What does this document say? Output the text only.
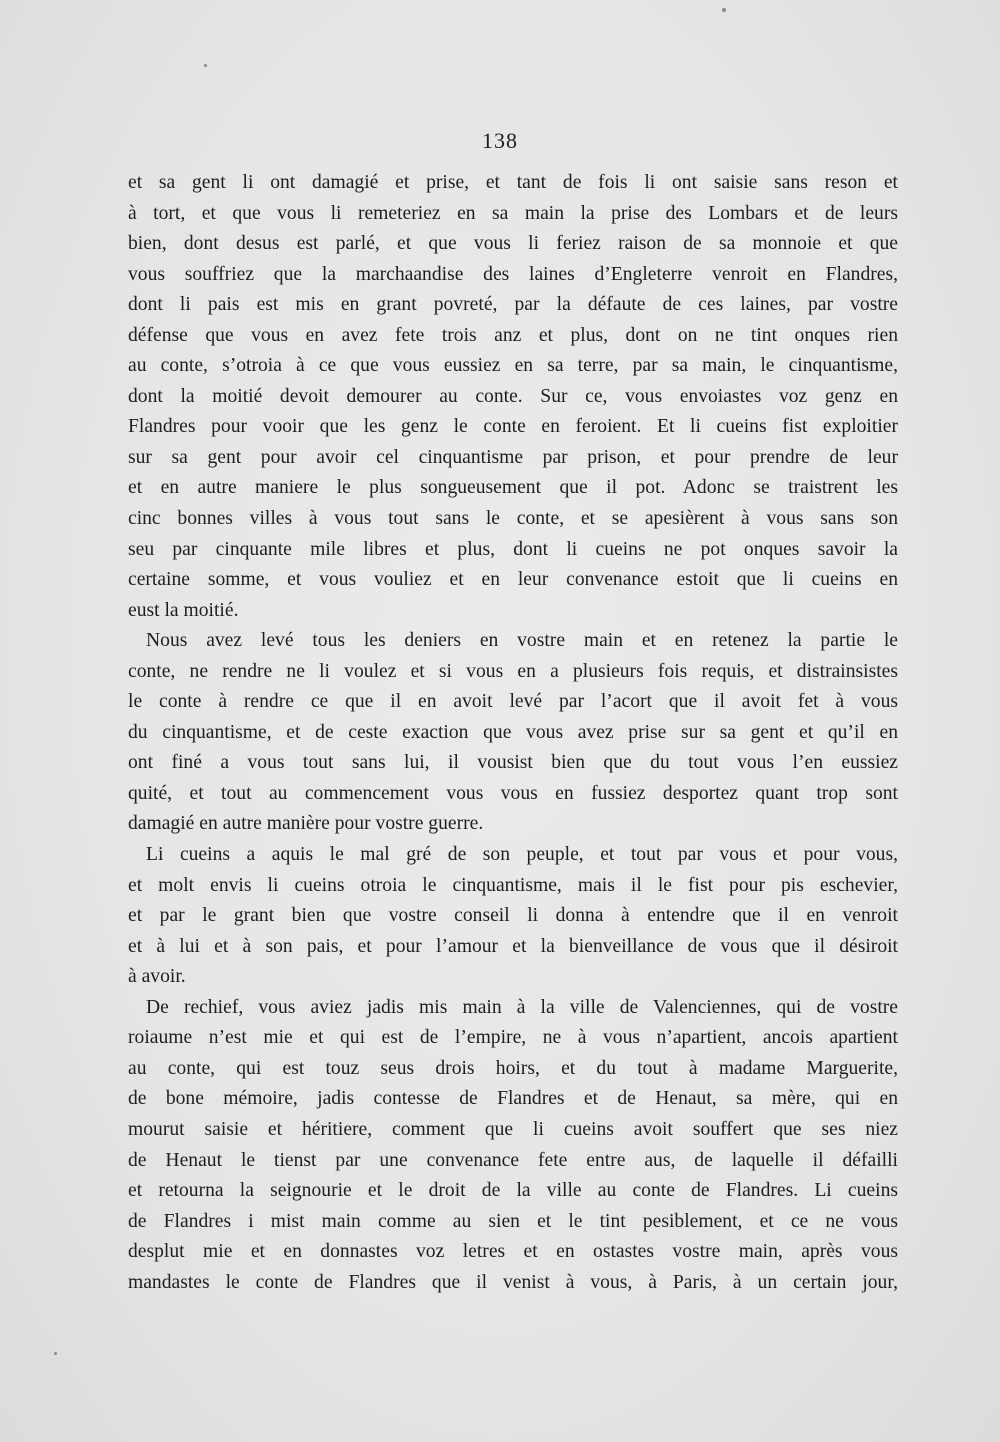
138

et sa gent li ont damagié et prise, et tant de fois li ont saisie sans reson et
à tort, et que vous li remeteriez en sa main la prise des Lombars et de leurs
bien, dont desus est parlé, et que vous li feriez raison de sa monnoie et que
vous souffriez que la marchaandise des laines d’Engleterre venroit en Flandres,
dont li pais est mis en grant povreté, par la défaute de ces laines, par vostre
défense que vous en avez fete trois anz et plus, dont on ne tint onques rien
au conte, s’otroia à ce que vous eussiez en sa terre, par sa main, le cinquantisme,
dont la moitié devoit demourer au conte. Sur ce, vous envoiastes voz genz en
Flandres pour vooir que les genz le conte en feroient. Et li cueins fist exploitier
sur sa gent pour avoir cel cinquantisme par prison, et pour prendre de leur
et en autre maniere le plus songueusement que il pot. Adonc se traistrent les
cinc bonnes villes à vous tout sans le conte, et se apesièrent à vous sans son
seu par cinquante mile libres et plus, dont li cueins ne pot onques savoir la
certaine somme, et vous vouliez et en leur convenance estoit que li cueins en
eust la moitié.

Nous avez levé tous les deniers en vostre main et en retenez la partie le
conte, ne rendre ne li voulez et si vous en a plusieurs fois requis, et distrainsistes
le conte à rendre ce que il en avoit levé par l’acort que il avoit fet à vous
du cinquantisme, et de ceste exaction que vous avez prise sur sa gent et qu’il en
ont finé a vous tout sans lui, il vousist bien que du tout vous l’en eussiez
quité, et tout au commencement vous vous en fussiez desportez quant trop sont
damagié en autre manière pour vostre guerre.

Li cueins a aquis le mal gré de son peuple, et tout par vous et pour vous,
et molt envis li cueins otroia le cinquantisme, mais il le fist pour pis eschevier,
et par le grant bien que vostre conseil li donna à entendre que il en venroit
et à lui et à son pais, et pour l’amour et la bienveillance de vous que il désiroit
à avoir.

De rechief, vous aviez jadis mis main à la ville de Valenciennes, qui de vostre
roiaume n’est mie et qui est de l’empire, ne à vous n’apartient, ancois apartient
au conte, qui est touz seus drois hoirs, et du tout à madame Marguerite,
de bone mémoire, jadis contesse de Flandres et de Henaut, sa mère, qui en
mourut saisie et héritiere, comment que li cueins avoit souffert que ses niez
de Henaut le tienst par une convenance fete entre aus, de laquelle il défailli
et retourna la seignourie et le droit de la ville au conte de Flandres. Li cueins
de Flandres i mist main comme au sien et le tint pesiblement, et ce ne vous
desplut mie et en donnastes voz letres et en ostastes vostre main, après vous
mandastes le conte de Flandres que il venist à vous, à Paris, à un certain jour,
